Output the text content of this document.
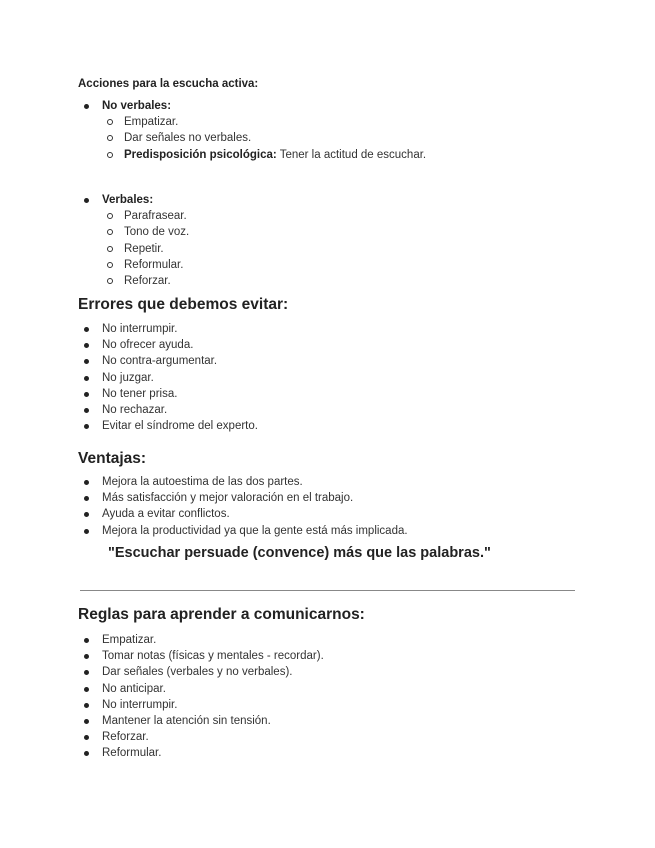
Acciones para la escucha activa:
No verbales:
Empatizar.
Dar señales no verbales.
Predisposición psicológica: Tener la actitud de escuchar.
Verbales:
Parafrasear.
Tono de voz.
Repetir.
Reformular.
Reforzar.
Errores que debemos evitar:
No interrumpir.
No ofrecer ayuda.
No contra-argumentar.
No juzgar.
No tener prisa.
No rechazar.
Evitar el síndrome del experto.
Ventajas:
Mejora la autoestima de las dos partes.
Más satisfacción y mejor valoración en el trabajo.
Ayuda a evitar conflictos.
Mejora la productividad ya que la gente está más implicada.
"Escuchar persuade (convence) más que las palabras."
Reglas para aprender a comunicarnos:
Empatizar.
Tomar notas (físicas y mentales - recordar).
Dar señales (verbales y no verbales).
No anticipar.
No interrumpir.
Mantener la atención sin tensión.
Reforzar.
Reformular.
